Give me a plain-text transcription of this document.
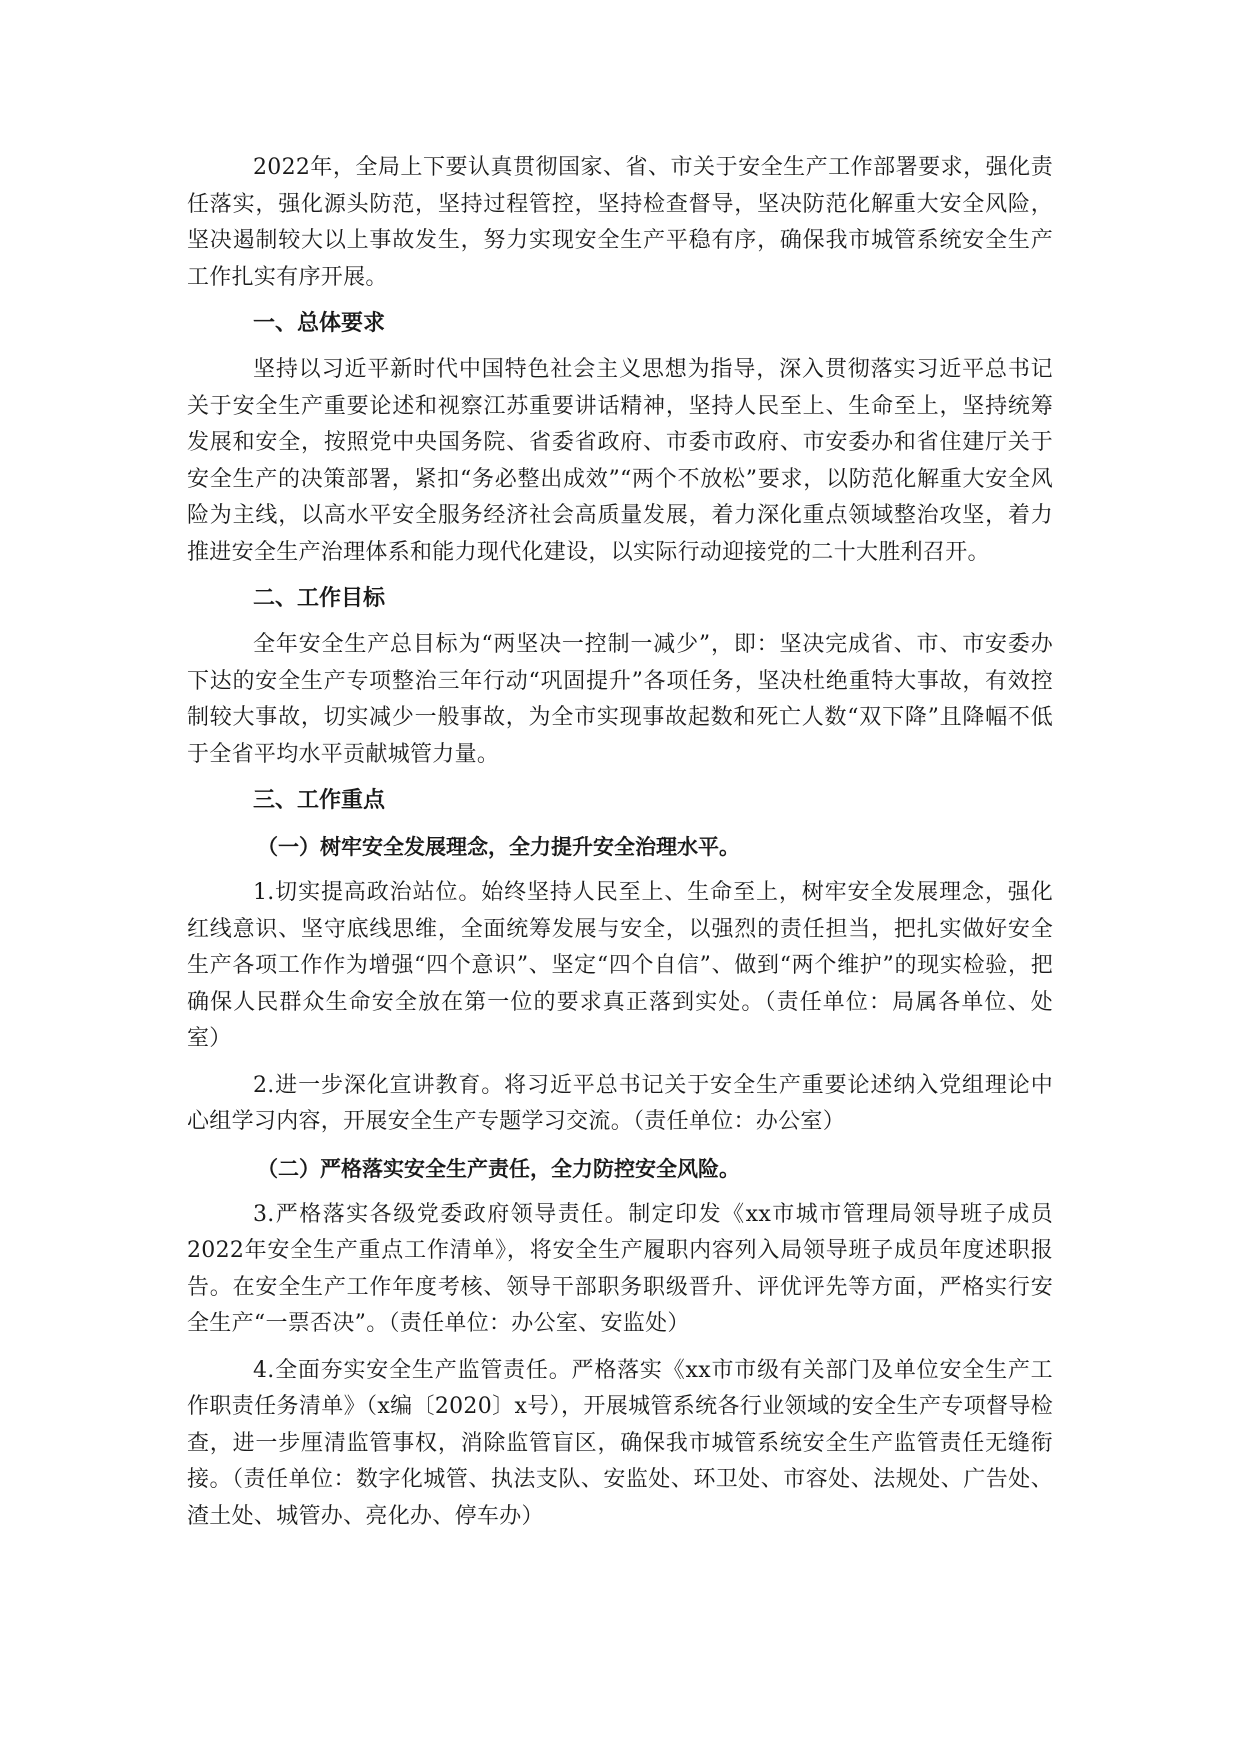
2022年，全局上下要认真贯彻国家、省、市关于安全生产工作部署要求，强化责任落实，强化源头防范，坚持过程管控，坚持检查督导，坚决防范化解重大安全风险，坚决遏制较大以上事故发生，努力实现安全生产平稳有序，确保我市城管系统安全生产工作扎实有序开展。

一、总体要求

坚持以习近平新时代中国特色社会主义思想为指导，深入贯彻落实习近平总书记关于安全生产重要论述和视察江苏重要讲话精神，坚持人民至上、生命至上，坚持统筹发展和安全，按照党中央国务院、省委省政府、市委市政府、市安委办和省住建厅关于安全生产的决策部署，紧扣“务必整出成效”“两个不放松”要求，以防范化解重大安全风险为主线，以高水平安全服务经济社会高质量发展，着力深化重点领域整治攻坚，着力推进安全生产治理体系和能力现代化建设，以实际行动迎接党的二十大胜利召开。

二、工作目标

全年安全生产总目标为“两坚决一控制一减少”，即：坚决完成省、市、市安委办下达的安全生产专项整治三年行动“巩固提升”各项任务，坚决杜绝重特大事故，有效控制较大事故，切实减少一般事故，为全市实现事故起数和死亡人数“双下降”且降幅不低于全省平均水平贡献城管力量。

三、工作重点
（一）树牢安全发展理念，全力提升安全治理水平。

1.切实提高政治站位。始终坚持人民至上、生命至上，树牢安全发展理念，强化红线意识、坚守底线思维，全面统筹发展与安全，以强烈的责任担当，把扎实做好安全生产各项工作作为增强“四个意识”、坚定“四个自信”、做到“两个维护”的现实检验，把确保人民群众生命安全放在第一位的要求真正落到实处。（责任单位：局属各单位、处室）

2.进一步深化宣讲教育。将习近平总书记关于安全生产重要论述纳入党组理论中心组学习内容，开展安全生产专题学习交流。（责任单位：办公室）

（二）严格落实安全生产责任，全力防控安全风险。

3.严格落实各级党委政府领导责任。制定印发《xx市城市管理局领导班子成员2022年安全生产重点工作清单》，将安全生产履职内容列入局领导班子成员年度述职报告。在安全生产工作年度考核、领导干部职务职级晋升、评优评先等方面，严格实行安全生产“一票否决”。（责任单位：办公室、安监处）

4.全面夯实安全生产监管责任。严格落实《xx市市级有关部门及单位安全生产工作职责任务清单》（x编〔2020〕x号），开展城管系统各行业领域的安全生产专项督导检查，进一步厘清监管事权，消除监管盲区，确保我市城管系统安全生产监管责任无缝衔接。（责任单位：数字化城管、执法支队、安监处、环卫处、市容处、法规处、广告处、渣土处、城管办、亮化办、停车办）
